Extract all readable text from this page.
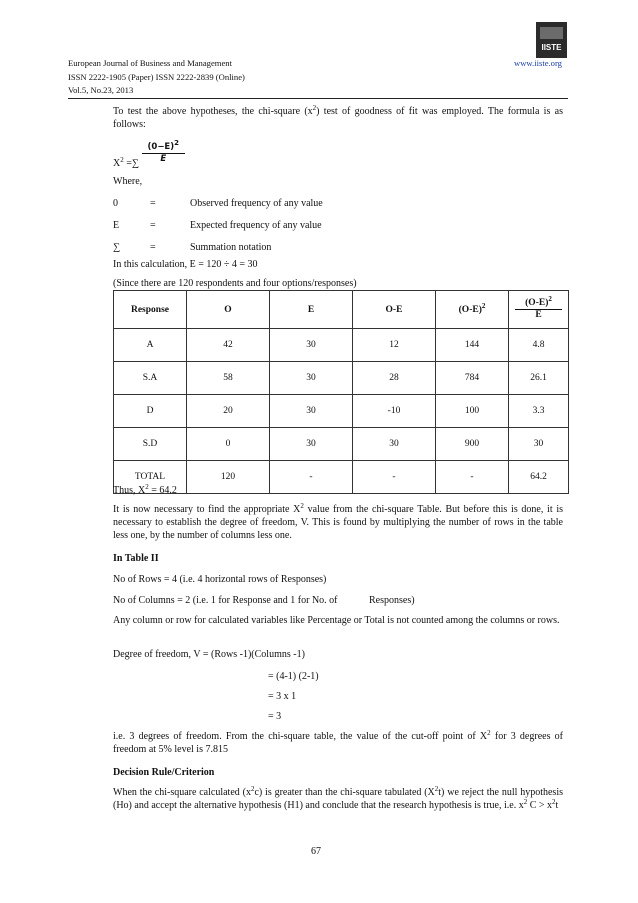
European Journal of Business and Management
ISSN 2222-1905 (Paper) ISSN 2222-2839 (Online)
Vol.5, No.23, 2013
www.iiste.org
IISTE
To test the above hypotheses, the chi-square $(x^2)$ test of goodness of fit was employed. The formula is as follows:
$X^2$ =∑ $\frac{(0-E)^2}{E}$
Where,
0	=	Observed frequency of any value
E	=	Expected frequency of any value
∑	=	Summation notation
In this calculation, E = 120 ÷ 4 = 30
(Since there are 120 respondents and four options/responses)
Response	O	E	O-E	$(O-E)^2$	$\frac{(O-E)^2}{E}$

A	42	30	12	144	4.8
S.A	58	30	28	784	26.1
D	20	30	-10	100	3.3
S.D	0	30	30	900	30
TOTAL	120	-	-	-	64.2
Thus, $X^2 = 64.2$
It is now necessary to find the appropriate $X^2$ value from the chi-square Table. But before this is done, it is necessary to establish the degree of freedom, V. This is found by multiplying the number of rows in the table less one, by the number of columns less one.
In Table II
No of Rows = 4 (i.e. 4 horizontal rows of Responses)
No of Columns = 2 (i.e. 1 for Response and 1 for No. of	Responses)
Any column or row for calculated variables like Percentage or Total is not counted among the columns or rows.
Degree of freedom, V = (Rows -1)(Columns -1)
= (4-1) (2-1)
= 3 x 1
= 3
i.e. 3 degrees of freedom. From the chi-square table, the value of the cut-off point of $X^2$ for 3 degrees of freedom at 5% level is 7.815
Decision Rule/Criterion
When the chi-square calculated $(x^2c)$ is greater than the chi-square tabulated $(X^2t)$ we reject the null hypothesis (Ho) and accept the alternative hypothesis (H1) and conclude that the research hypothesis is true, i.e. $x^2$ $C > x^2t$
67
